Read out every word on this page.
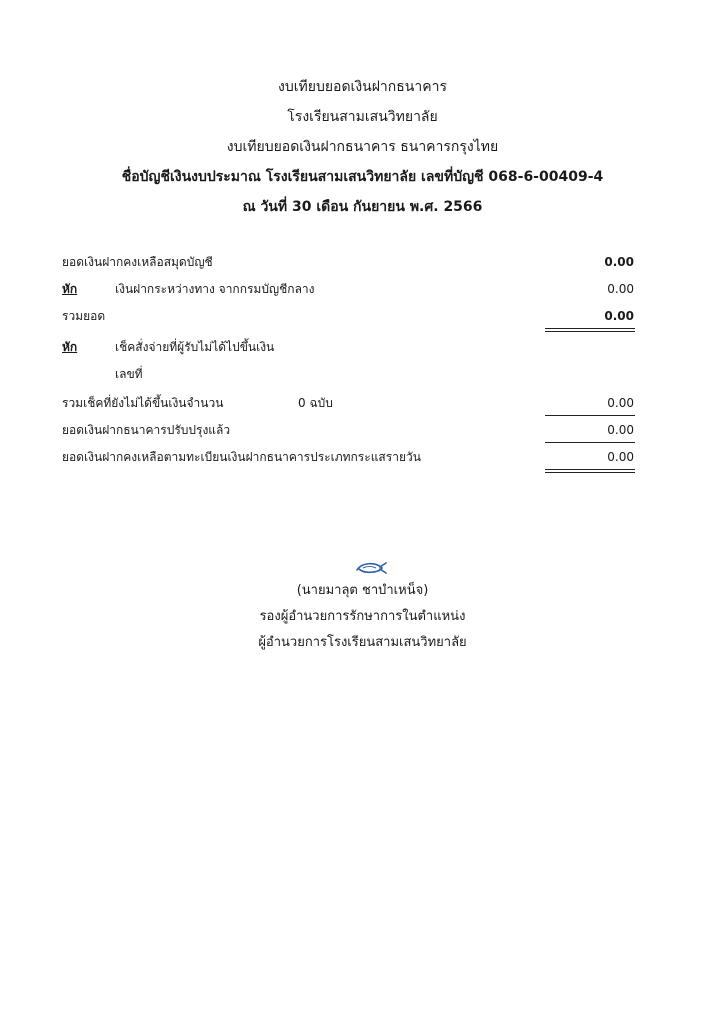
งบเทียบยอดเงินฝากธนาคาร
โรงเรียนสามเสนวิทยาลัย
งบเทียบยอดเงินฝากธนาคาร ธนาคารกรุงไทย
ชื่อบัญชีเงินงบประมาณ โรงเรียนสามเสนวิทยาลัย เลขที่บัญชี 068-6-00409-4
ณ วันที่ 30 เดือน กันยายน พ.ศ. 2566
ยอดเงินฝากคงเหลือสมุดบัญชี	0.00
หัก	เงินฝากระหว่างทาง จากกรมบัญชีกลาง	0.00
รวมยอด	0.00
หัก	เช็คสั่งจ่ายที่ผู้รับไม่ได้ไปขึ้นเงิน
เลขที่
รวมเช็คที่ยังไม่ได้ขึ้นเงินจำนวน	0 ฉบับ	0.00
ยอดเงินฝากธนาคารปรับปรุงแล้ว	0.00
ยอดเงินฝากคงเหลือตามทะเบียนเงินฝากธนาคารประเภทกระแสรายวัน	0.00
(นายมาลุต ชาบำเหน็จ)
รองผู้อำนวยการรักษาการในตำแหน่ง
ผู้อำนวยการโรงเรียนสามเสนวิทยาลัย
